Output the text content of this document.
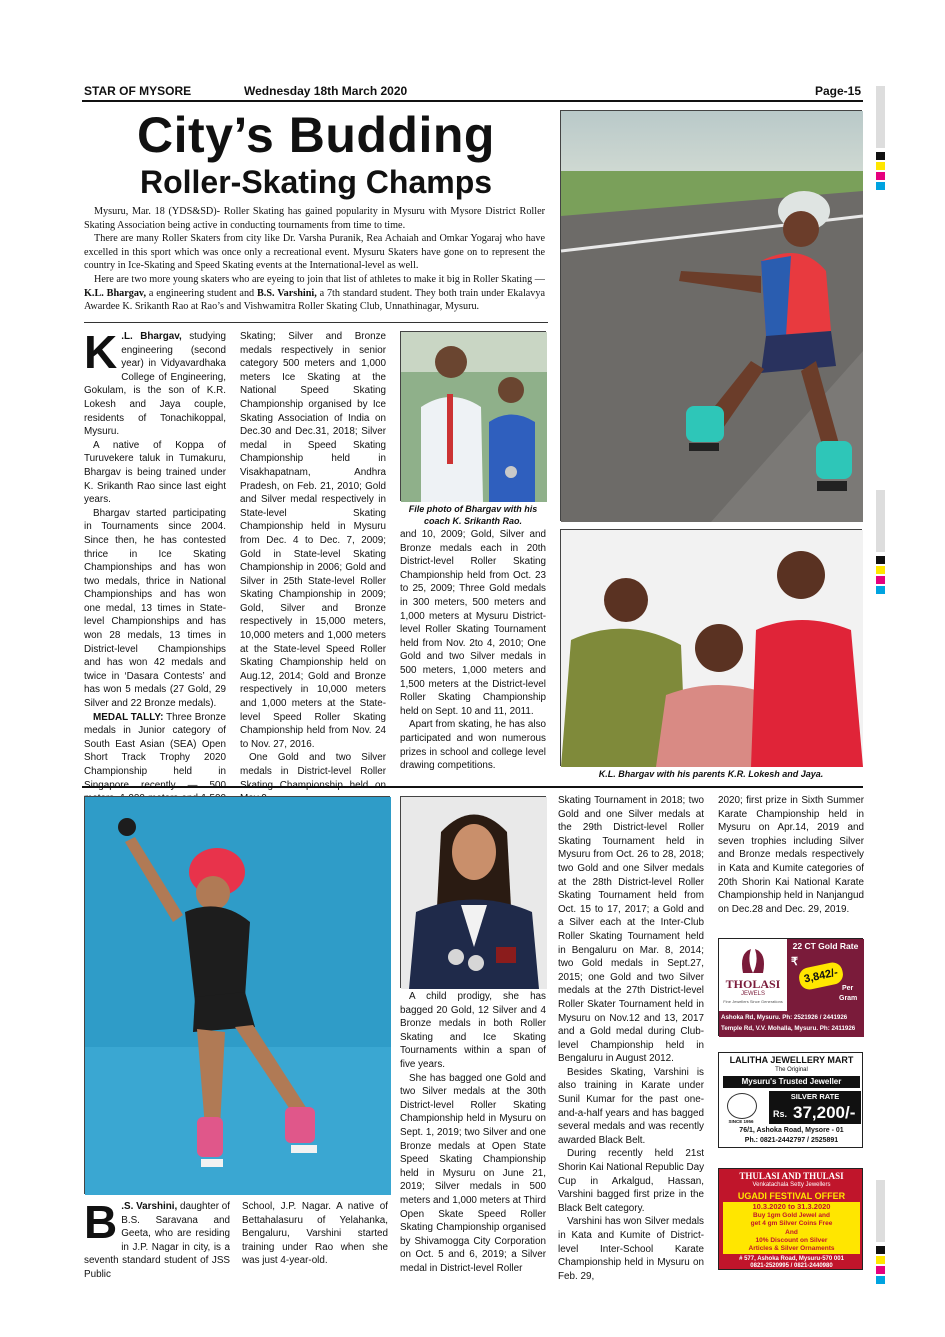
STAR OF MYSORE	Wednesday 18th March 2020	Page-15
City’s Budding
Roller-Skating Champs

Mysuru, Mar. 18 (YDS&SD)- Roller Skating has gained popularity in Mysuru with Mysore District Roller Skating Association being active in conducting tournaments from time to time.

There are many Roller Skaters from city like Dr. Varsha Puranik, Rea Achaiah and Omkar Yogaraj who have excelled in this sport which was once only a recreational event. Mysuru Skaters have gone on to represent the country in Ice-Skating and Speed Skating events at the International-level as well.

Here are two more young skaters who are eyeing to join that list of athletes to make it big in Roller Skating — K.L. Bhargav, a engineering student and B.S. Varshini, a 7th standard student. They both train under Ekalavya Awardee K. Srikanth Rao at Rao’s and Vishwamitra Roller Skating Club, Unnathinagar, Mysuru.

K .L. Bhargav, studying engineering (second year) in Vidyavardhaka College of Engineering, Gokulam, is the son of K.R. Lokesh and Jaya couple, residents of Tonachikoppal, Mysuru.

A native of Koppa of Turuvekere taluk in Tumakuru, Bhargav is being trained under K. Srikanth Rao since last eight years.

Bhargav started participating in Tournaments since 2004. Since then, he has contested thrice in Ice Skating Championships and has won two medals, thrice in National Championships and has won one medal, 13 times in State-level Championships and has won 28 medals, 13 times in District-level Championships and has won 42 medals and twice in ‘Dasara Contests’ and has won 5 medals (27 Gold, 29 Silver and 22 Bronze medals).

MEDAL TALLY: Three Bronze medals in Junior category of South East Asian (SEA) Open Short Track Trophy 2020 Championship held in

Skating; Silver and Bronze medals respectively in senior category 500 meters and 1,000 meters Ice Skating at the National Speed Skating Championship organised by Ice Skating Association of India on Dec.30 and Dec.31, 2018; Silver medal in Speed Skating Championship held in Visakhapatnam, Andhra Pradesh, on Feb. 21, 2010; Gold and Silver medal respectively in State-level Skating Championship held in Mysuru from Dec. 4 to Dec. 7, 2009; Gold in State-level Skating Championship in 2006; Gold and Silver in 25th State-level Roller Skating Championship in 2009; Gold, Silver and Bronze respectively in 15,000 meters, 10,000 meters and 1,000 meters at the State-level Speed Roller Skating Championship held on Aug.12, 2014; Gold and Bronze respectively in 10,000 meters and 1,000 meters at the State-level Speed Roller Skating Championship held from Nov. 24 to Nov. 27, 2016.

One Gold and two Silver medals in District-level Roller

File photo of Bhargav with his coach K. Srikanth Rao.

and 10, 2009; Gold, Silver and Bronze medals each in 20th District-level Roller Skating Championship held from Oct. 23 to 25, 2009; Three Gold medals in 300 meters, 500 meters and 1,000 meters at Mysuru District-level Roller Skating Tournament held from Nov. 2to 4, 2010; One Gold and two Silver medals in 500 meters, 1,000 meters and 1,500 meters at the District-level Roller Skating Championship held on Sept. 10 and 11, 2011.

Apart from skating, he has also participated and won numerous prizes in school and college level drawing competitions.

K.L. Bhargav with his parents K.R. Lokesh and Jaya.

B .S. Varshini, daughter of B.S. Saravana and Geeta, who are residing in J.P. Nagar in city, is a seventh standard student of JSS Public

School, J.P. Nagar. A native of Bettahalasuru of Yelahanka, Bengaluru, Varshini started training under Rao when she was just 4-year-old.

A child prodigy, she has bagged 20 Gold, 12 Silver and 4 Bronze medals in both Roller Skating and Ice Skating Tournaments within a span of five years.

She has bagged one Gold and two Silver medals at the 30th District-level Roller Skating Championship held in Mysuru on Sept. 1, 2019; two Silver and one Bronze medals at Open State Speed Skating Championship held in Mysuru on June 21, 2019; Silver medals in 500 meters and 1,000 meters at Third Open Skate Speed Roller Skating Championship organised by Shivamogga City Corporation on Oct. 5 and 6, 2019; a Silver medal in District-level Roller

Skating Tournament in 2018; two Gold and one Silver medals at the 29th District-level Roller Skating Tournament held in Mysuru from Oct. 26 to 28, 2018; two Gold and one Silver medals at the 28th District-level Roller Skating Tournament held from Oct. 15 to 17, 2017; a Gold and a Silver each at the Inter-Club Roller Skating Tournament held in Bengaluru on Mar. 8, 2014; two Gold medals in Sept.27, 2015; one Gold and two Silver medals at the 27th District-level Roller Skater Tournament held in Mysuru on Nov.12 and 13, 2017 and a Gold medal during Club-level Championship held in Bengaluru in August 2012.

Besides Skating, Varshini is also training in Karate under Sunil Kumar for the past one-and-a-half years and has bagged several medals and was recently awarded Black Belt.

During recently held 21st Shorin Kai National Republic Day Cup in Arkalgud, Hassan, Varshini bagged first prize in the Black Belt category.

Varshini has won Silver medals in Kata and Kumite of District-level Inter-School Karate Championship held in Mysuru on Feb. 29,

2020; first prize in Sixth Summer Karate Championship held in Mysuru on Apr.14, 2019 and seven trophies including Silver and Bronze medals respectively in Kata and Kumite categories of 20th Shorin Kai National Karate Championship held in Nanjangud on Dec.28 and Dec. 29, 2019.

THOLASI
JEWELS
Fine Jewellers Since Generations
22 CT Gold Rate
₹
3,842/-
Per
Gram
Ashoka Rd, Mysuru. Ph: 2521926 / 2441926
Temple Rd, V.V. Mohalla, Mysuru. Ph: 2411926
LALITHA JEWELLERY MART
The Original
Mysuru's Trusted Jeweller
SINCE 1956
SILVER RATE
Rs. 37,200/-
76/1, Ashoka Road, Mysore - 01
Ph.: 0821-2442797 / 2525891
THULASI AND THULASI
Venkatachala Setty Jewellers
UGADI FESTIVAL OFFER
10.3.2020 to 31.3.2020
Buy 1gm Gold Jewel and
get 4 gm Silver Coins Free
And
10% Discount on Silver
Articles & Silver Ornaments
# 577, Ashoka Road, Mysuru-570 001
0821-2520995 / 0821-2440980
